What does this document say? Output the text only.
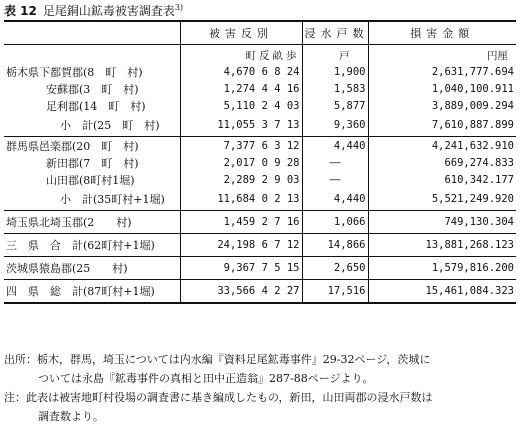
表 12 足尾銅山鉱毒被害調査表$^{3)}$
	被害反別	浸水戸数	損害金額
	町反畝歩	戸	円厘
栃木県下都賀郡(8　町　村)	4,670 6 8 24	1,900	2,631,777.694
安蘇郡(3　町　村)	1,274 4 4 16	1,583	1,040,100.911
足利郡(14　町　村)	5,110 2 4 03	5,877	3,889,009.294
小　計(25　町　村)	11,055 3 7 13	9,360	7,610,887.899
群馬県邑楽郡(20　町　村)	7,377 6 3 12	4,440	4,241,632.910
新田郡(7　町　村)	2,017 0 9 28	―	669,274.833
山田郡(8町村1堀)	2,289 2 9 03	―	610,342.177
小　計(35町村+1堀)	11,684 0 2 13	4,440	5,521,249.920
埼玉県北埼玉郡(2　　村)	1,459 2 7 16	1,066	749,130.304
三　県　合　計(62町村+1堀)	24,198 6 7 12	14,866	13,881,268.123
茨城県猿島郡(25　　村)	9,367 7 5 15	2,650	1,579,816.200
四　県　総　計(87町村+1堀)	33,566 4 2 27	17,516	15,461,084.323
出所：栃木，群馬，埼玉については内水編『資料足尾鉱毒事件』29-32ページ，茨城に
ついては永島『鉱毒事件の真相と田中正造翁』287-88ページより。
注：此表は被害地町村役場の調査書に基き編成したもの，新田，山田両郡の浸水戸数は
調査数より。
